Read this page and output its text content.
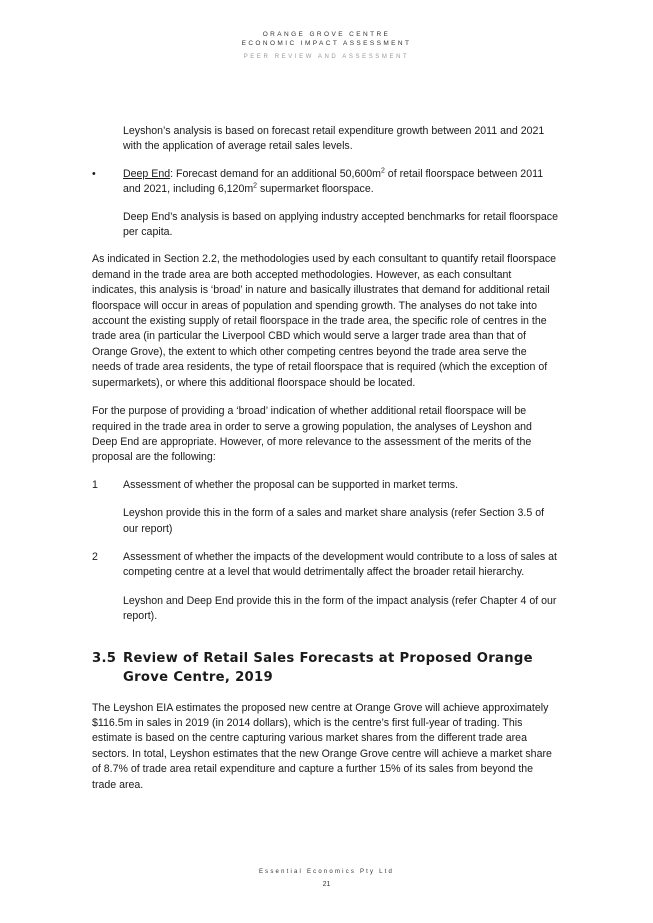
ORANGE GROVE CENTRE
ECONOMIC IMPACT ASSESSMENT
PEER REVIEW AND ASSESSMENT

Leyshon’s analysis is based on forecast retail expenditure growth between 2011 and 2021 with the application of average retail sales levels.

•	Deep End: Forecast demand for an additional $50,600m^2$ of retail floorspace between 2011 and 2021, including $6,120m^2$ supermarket floorspace.

Deep End’s analysis is based on applying industry accepted benchmarks for retail floorspace per capita.

As indicated in Section 2.2, the methodologies used by each consultant to quantify retail floorspace demand in the trade area are both accepted methodologies. However, as each consultant indicates, this analysis is ‘broad’ in nature and basically illustrates that demand for additional retail floorspace will occur in areas of population and spending growth. The analyses do not take into account the existing supply of retail floorspace in the trade area, the specific role of centres in the trade area (in particular the Liverpool CBD which would serve a larger trade area than that of Orange Grove), the extent to which other competing centres beyond the trade area serve the needs of trade area residents, the type of retail floorspace that is required (which the exception of supermarkets), or where this additional floorspace should be located.

For the purpose of providing a ‘broad’ indication of whether additional retail floorspace will be required in the trade area in order to serve a growing population, the analyses of Leyshon and Deep End are appropriate. However, of more relevance to the assessment of the merits of the proposal are the following:

1	Assessment of whether the proposal can be supported in market terms.

Leyshon provide this in the form of a sales and market share analysis (refer Section 3.5 of our report)

2	Assessment of whether the impacts of the development would contribute to a loss of sales at competing centre at a level that would detrimentally affect the broader retail hierarchy.

Leyshon and Deep End provide this in the form of the impact analysis (refer Chapter 4 of our report).

3.5 Review of Retail Sales Forecasts at Proposed Orange Grove Centre, 2019

The Leyshon EIA estimates the proposed new centre at Orange Grove will achieve approximately $116.5m in sales in 2019 (in 2014 dollars), which is the centre’s first full-year of trading. This estimate is based on the centre capturing various market shares from the different trade area sectors. In total, Leyshon estimates that the new Orange Grove centre will achieve a market share of 8.7% of trade area retail expenditure and capture a further 15% of its sales from beyond the trade area.

Essential Economics Pty Ltd
21
